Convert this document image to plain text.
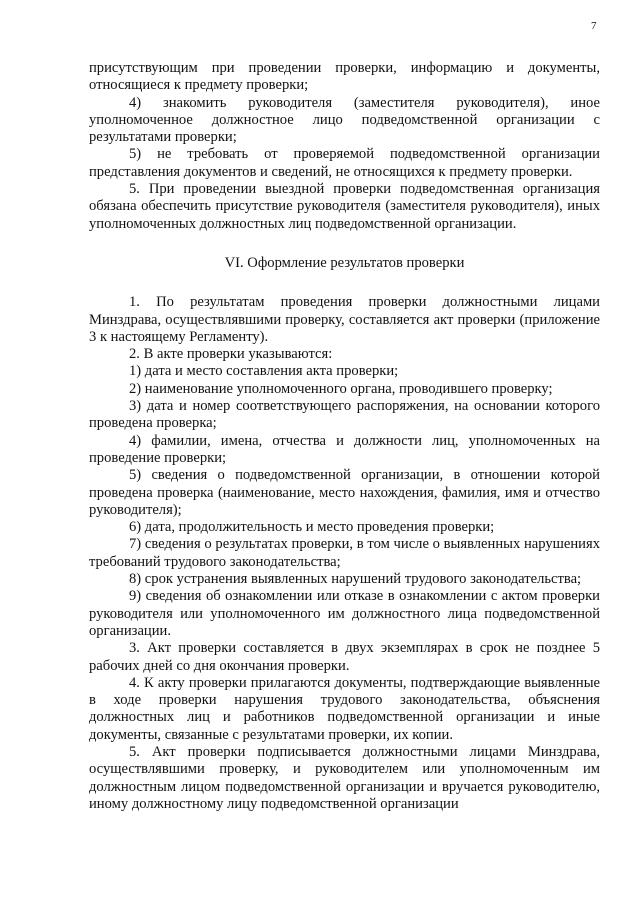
7

присутствующим при проведении проверки, информацию и документы, относящиеся к предмету проверки;

4) знакомить руководителя (заместителя руководителя), иное уполномоченное должностное лицо подведомственной организации с результатами проверки;

5) не требовать от проверяемой подведомственной организации представления документов и сведений, не относящихся к предмету проверки.

5. При проведении выездной проверки подведомственная организация обязана обеспечить присутствие руководителя (заместителя руководителя), иных уполномоченных должностных лиц подведомственной организации.

VI. Оформление результатов проверки

1. По результатам проведения проверки должностными лицами Минздрава, осуществлявшими проверку, составляется акт проверки (приложение 3 к настоящему Регламенту).

2. В акте проверки указываются:

1) дата и место составления акта проверки;

2) наименование уполномоченного органа, проводившего проверку;

3) дата и номер соответствующего распоряжения, на основании которого проведена проверка;

4) фамилии, имена, отчества и должности лиц, уполномоченных на проведение проверки;

5) сведения о подведомственной организации, в отношении которой проведена проверка (наименование, место нахождения, фамилия, имя и отчество руководителя);

6) дата, продолжительность и место проведения проверки;

7) сведения о результатах проверки, в том числе о выявленных нарушениях требований трудового законодательства;

8) срок устранения выявленных нарушений трудового законодательства;

9) сведения об ознакомлении или отказе в ознакомлении с актом проверки руководителя или уполномоченного им должностного лица подведомственной организации.

3. Акт проверки составляется в двух экземплярах в срок не позднее 5 рабочих дней со дня окончания проверки.

4. К акту проверки прилагаются документы, подтверждающие выявленные в ходе проверки нарушения трудового законодательства, объяснения должностных лиц и работников подведомственной организации и иные документы, связанные с результатами проверки, их копии.

5. Акт проверки подписывается должностными лицами Минздрава, осуществлявшими проверку, и руководителем или уполномоченным им должностным лицом подведомственной организации и вручается руководителю, иному должностному лицу подведомственной организации
